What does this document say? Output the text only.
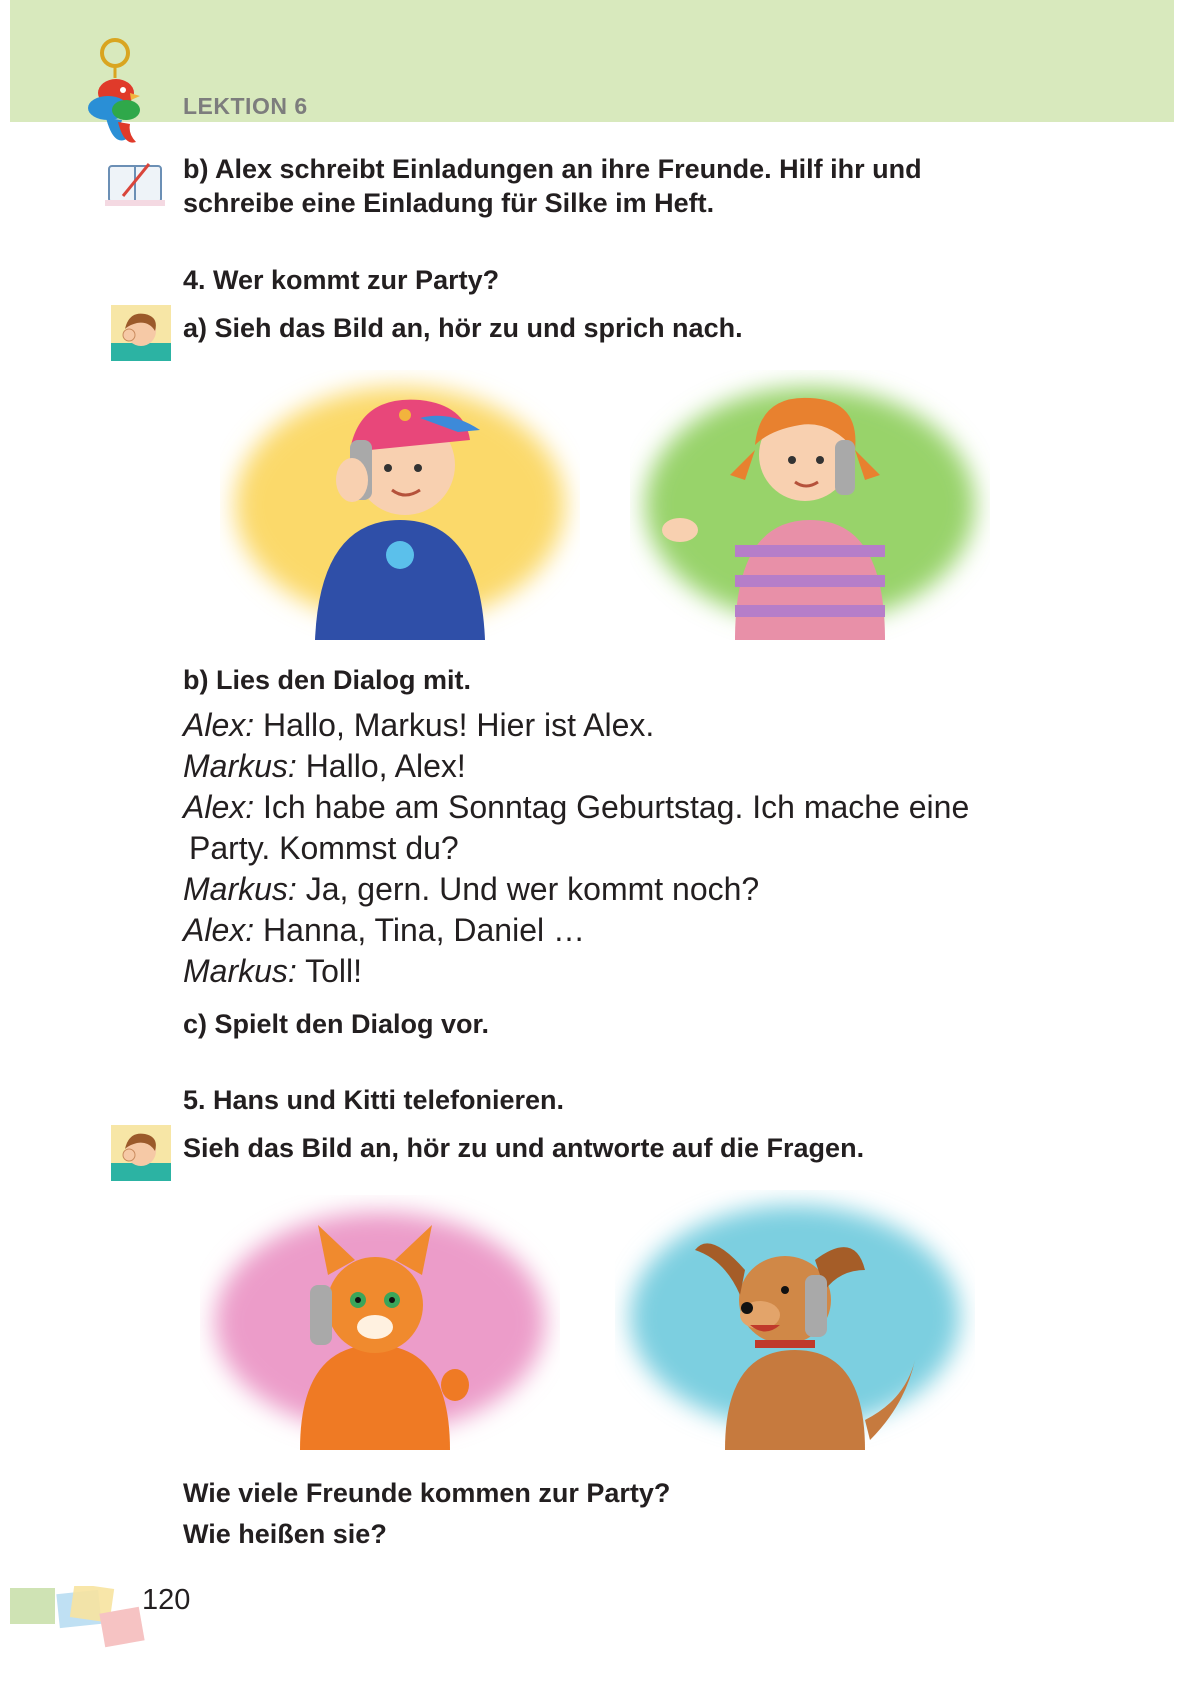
LEKTION 6
b) Alex schreibt Einladungen an ihre Freunde. Hilf ihr und
schreibe eine Einladung für Silke im Heft.
4. Wer kommt zur Party?
a) Sieh das Bild an, hör zu und sprich nach.
b) Lies den Dialog mit.
Alex: Hallo, Markus! Hier ist Alex.
Markus: Hallo, Alex!
Alex: Ich habe am Sonntag Geburtstag. Ich mache eine
Party. Kommst du?
Markus: Ja, gern. Und wer kommt noch?
Alex: Hanna, Tina, Daniel …
Markus: Toll!
c) Spielt den Dialog vor.
5. Hans und Kitti telefonieren.
Sieh das Bild an, hör zu und antworte auf die Fragen.
Wie viele Freunde kommen zur Party?
Wie heißen sie?
120
